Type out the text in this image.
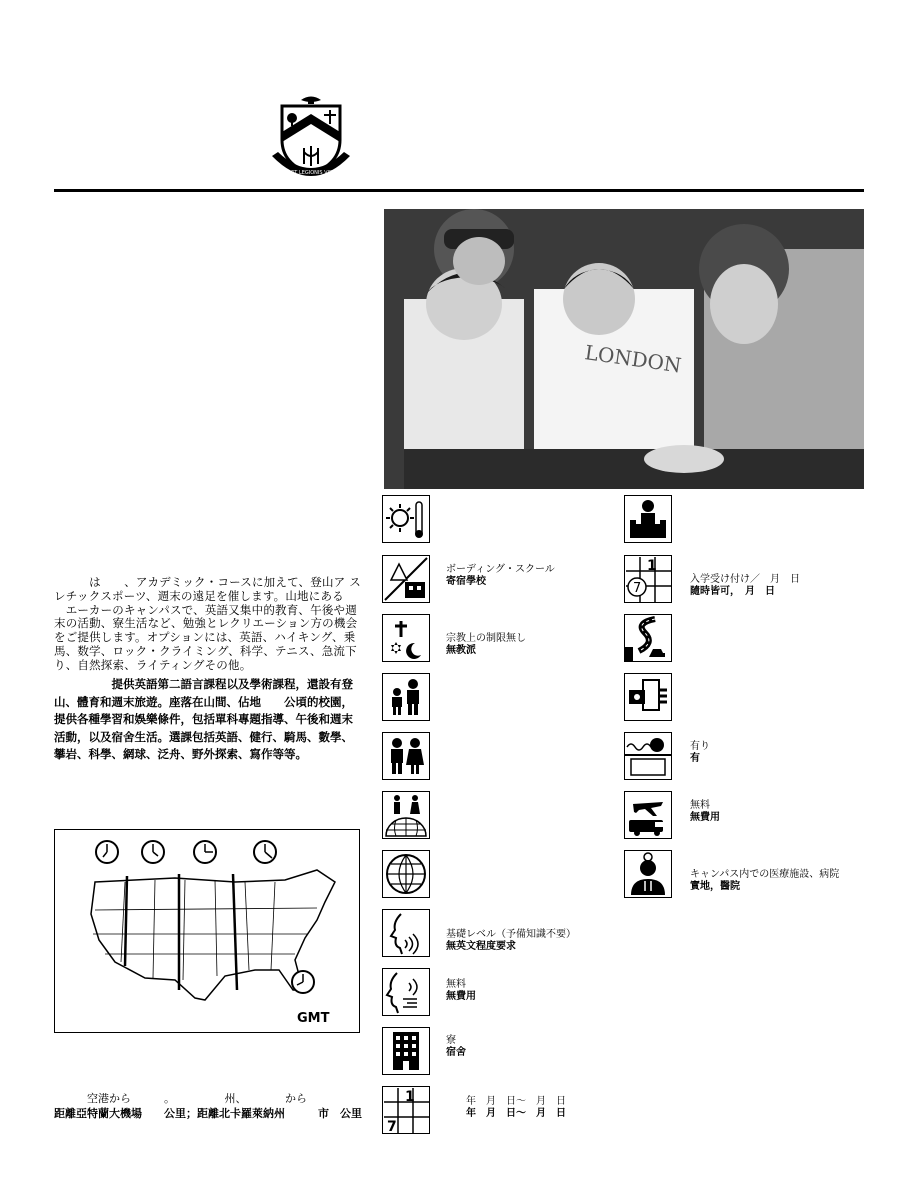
LUX ET LEGIONIS VIRTUS
LONDON
　　　は　　、アカデミック・コースに加えて、登山ア スレチックスポーツ、週末の遠足を催します。山地にある 　エーカーのキャンパスで、英語又集中的教育、午後や週 末の活動、寮生活など、勉強とレクリエーション方の機会 をご提供します。オプションには、英語、ハイキング、乗 馬、数学、ロック・クライミング、科学、テニス、急流下 り、自然探索、ライティングその他。
　　　　　提供英語第二語言課程以及學術課程，還設有登山、體育和週末旅遊。座落在山間、佔地　　公頃的校園，提供各種學習和娛樂條件，包括單科專題指導、午後和週末活動，以及宿舍生活。選課包括英語、健行、騎馬、數學、攀岩、科學、網球、泛舟、野外探索、寫作等等。
GMT
　　　空港から　　　。　　　　　州、　　　　から
距離亞特蘭大機場　　公里；距離北卡羅萊納州　　　市　公里
ボーディング・スクール
寄宿學校
宗教上の制限無し
無教派
基礎レベル（予備知識不要）
無英文程度要求
無料
無費用
寮
宿舍
1
7
　　年　月　日～　月　日
　　年　月　日～　月　日
1
7
入学受け付け／　月　日
隨時皆可，　月　日
有り
有
無料
無費用
キャンパス内での医療施設、病院
實地，醫院
